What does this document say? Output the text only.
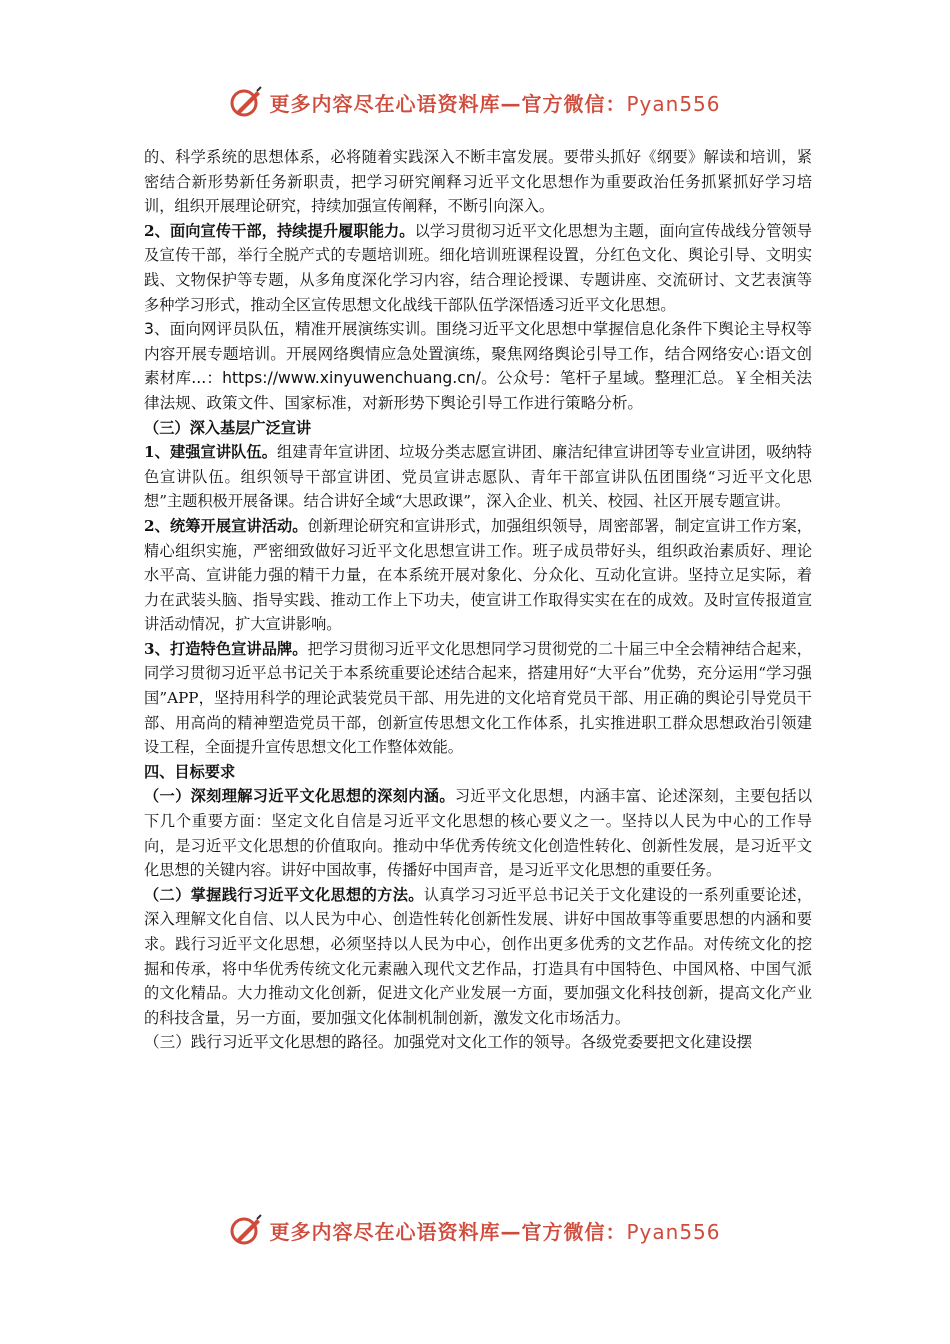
更多内容尽在心语资料库—官方微信：Pyan556

的、科学系统的思想体系，必将随着实践深入不断丰富发展。要带头抓好《纲要》解读和培训，紧密结合新形势新任务新职责，把学习研究阐释习近平文化思想作为重要政治任务抓紧抓好学习培训，组织开展理论研究，持续加强宣传阐释，不断引向深入。

2、面向宣传干部，持续提升履职能力。以学习贯彻习近平文化思想为主题，面向宣传战线分管领导及宣传干部，举行全脱产式的专题培训班。细化培训班课程设置，分红色文化、舆论引导、文明实践、文物保护等专题，从多角度深化学习内容，结合理论授课、专题讲座、交流研讨、文艺表演等多种学习形式，推动全区宣传思想文化战线干部队伍学深悟透习近平文化思想。

3、面向网评员队伍，精准开展演练实训。围绕习近平文化思想中掌握信息化条件下舆论主导权等内容开展专题培训。开展网络舆情应急处置演练，聚焦网络舆论引导工作，结合网络安心:语文创素材库...：https://www.xinyuwenchuang.cn/。公众号：笔杆子星域。整理汇总。￥全相关法律法规、政策文件、国家标准，对新形势下舆论引导工作进行策略分析。

（三）深入基层广泛宣讲

1、建强宣讲队伍。组建青年宣讲团、垃圾分类志愿宣讲团、廉洁纪律宣讲团等专业宣讲团，吸纳特色宣讲队伍。组织领导干部宣讲团、党员宣讲志愿队、青年干部宣讲队伍团围绕“习近平文化思想”主题积极开展备课。结合讲好全域“大思政课”，深入企业、机关、校园、社区开展专题宣讲。

2、统筹开展宣讲活动。创新理论研究和宣讲形式，加强组织领导，周密部署，制定宣讲工作方案，精心组织实施，严密细致做好习近平文化思想宣讲工作。班子成员带好头，组织政治素质好、理论水平高、宣讲能力强的精干力量，在本系统开展对象化、分众化、互动化宣讲。坚持立足实际，着力在武装头脑、指导实践、推动工作上下功夫，使宣讲工作取得实实在在的成效。及时宣传报道宣讲活动情况，扩大宣讲影响。

3、打造特色宣讲品牌。把学习贯彻习近平文化思想同学习贯彻党的二十届三中全会精神结合起来，同学习贯彻习近平总书记关于本系统重要论述结合起来，搭建用好“大平台”优势，充分运用“学习强国”APP，坚持用科学的理论武装党员干部、用先进的文化培育党员干部、用正确的舆论引导党员干部、用高尚的精神塑造党员干部，创新宣传思想文化工作体系，扎实推进职工群众思想政治引领建设工程，全面提升宣传思想文化工作整体效能。

四、目标要求

（一）深刻理解习近平文化思想的深刻内涵。习近平文化思想，内涵丰富、论述深刻，主要包括以下几个重要方面：坚定文化自信是习近平文化思想的核心要义之一。坚持以人民为中心的工作导向，是习近平文化思想的价值取向。推动中华优秀传统文化创造性转化、创新性发展，是习近平文化思想的关键内容。讲好中国故事，传播好中国声音，是习近平文化思想的重要任务。

（二）掌握践行习近平文化思想的方法。认真学习习近平总书记关于文化建设的一系列重要论述，深入理解文化自信、以人民为中心、创造性转化创新性发展、讲好中国故事等重要思想的内涵和要求。践行习近平文化思想，必须坚持以人民为中心，创作出更多优秀的文艺作品。对传统文化的挖掘和传承，将中华优秀传统文化元素融入现代文艺作品，打造具有中国特色、中国风格、中国气派的文化精品。大力推动文化创新，促进文化产业发展一方面，要加强文化科技创新，提高文化产业的科技含量，另一方面，要加强文化体制机制创新，激发文化市场活力。

（三）践行习近平文化思想的路径。加强党对文化工作的领导。各级党委要把文化建设摆

更多内容尽在心语资料库—官方微信：Pyan556
